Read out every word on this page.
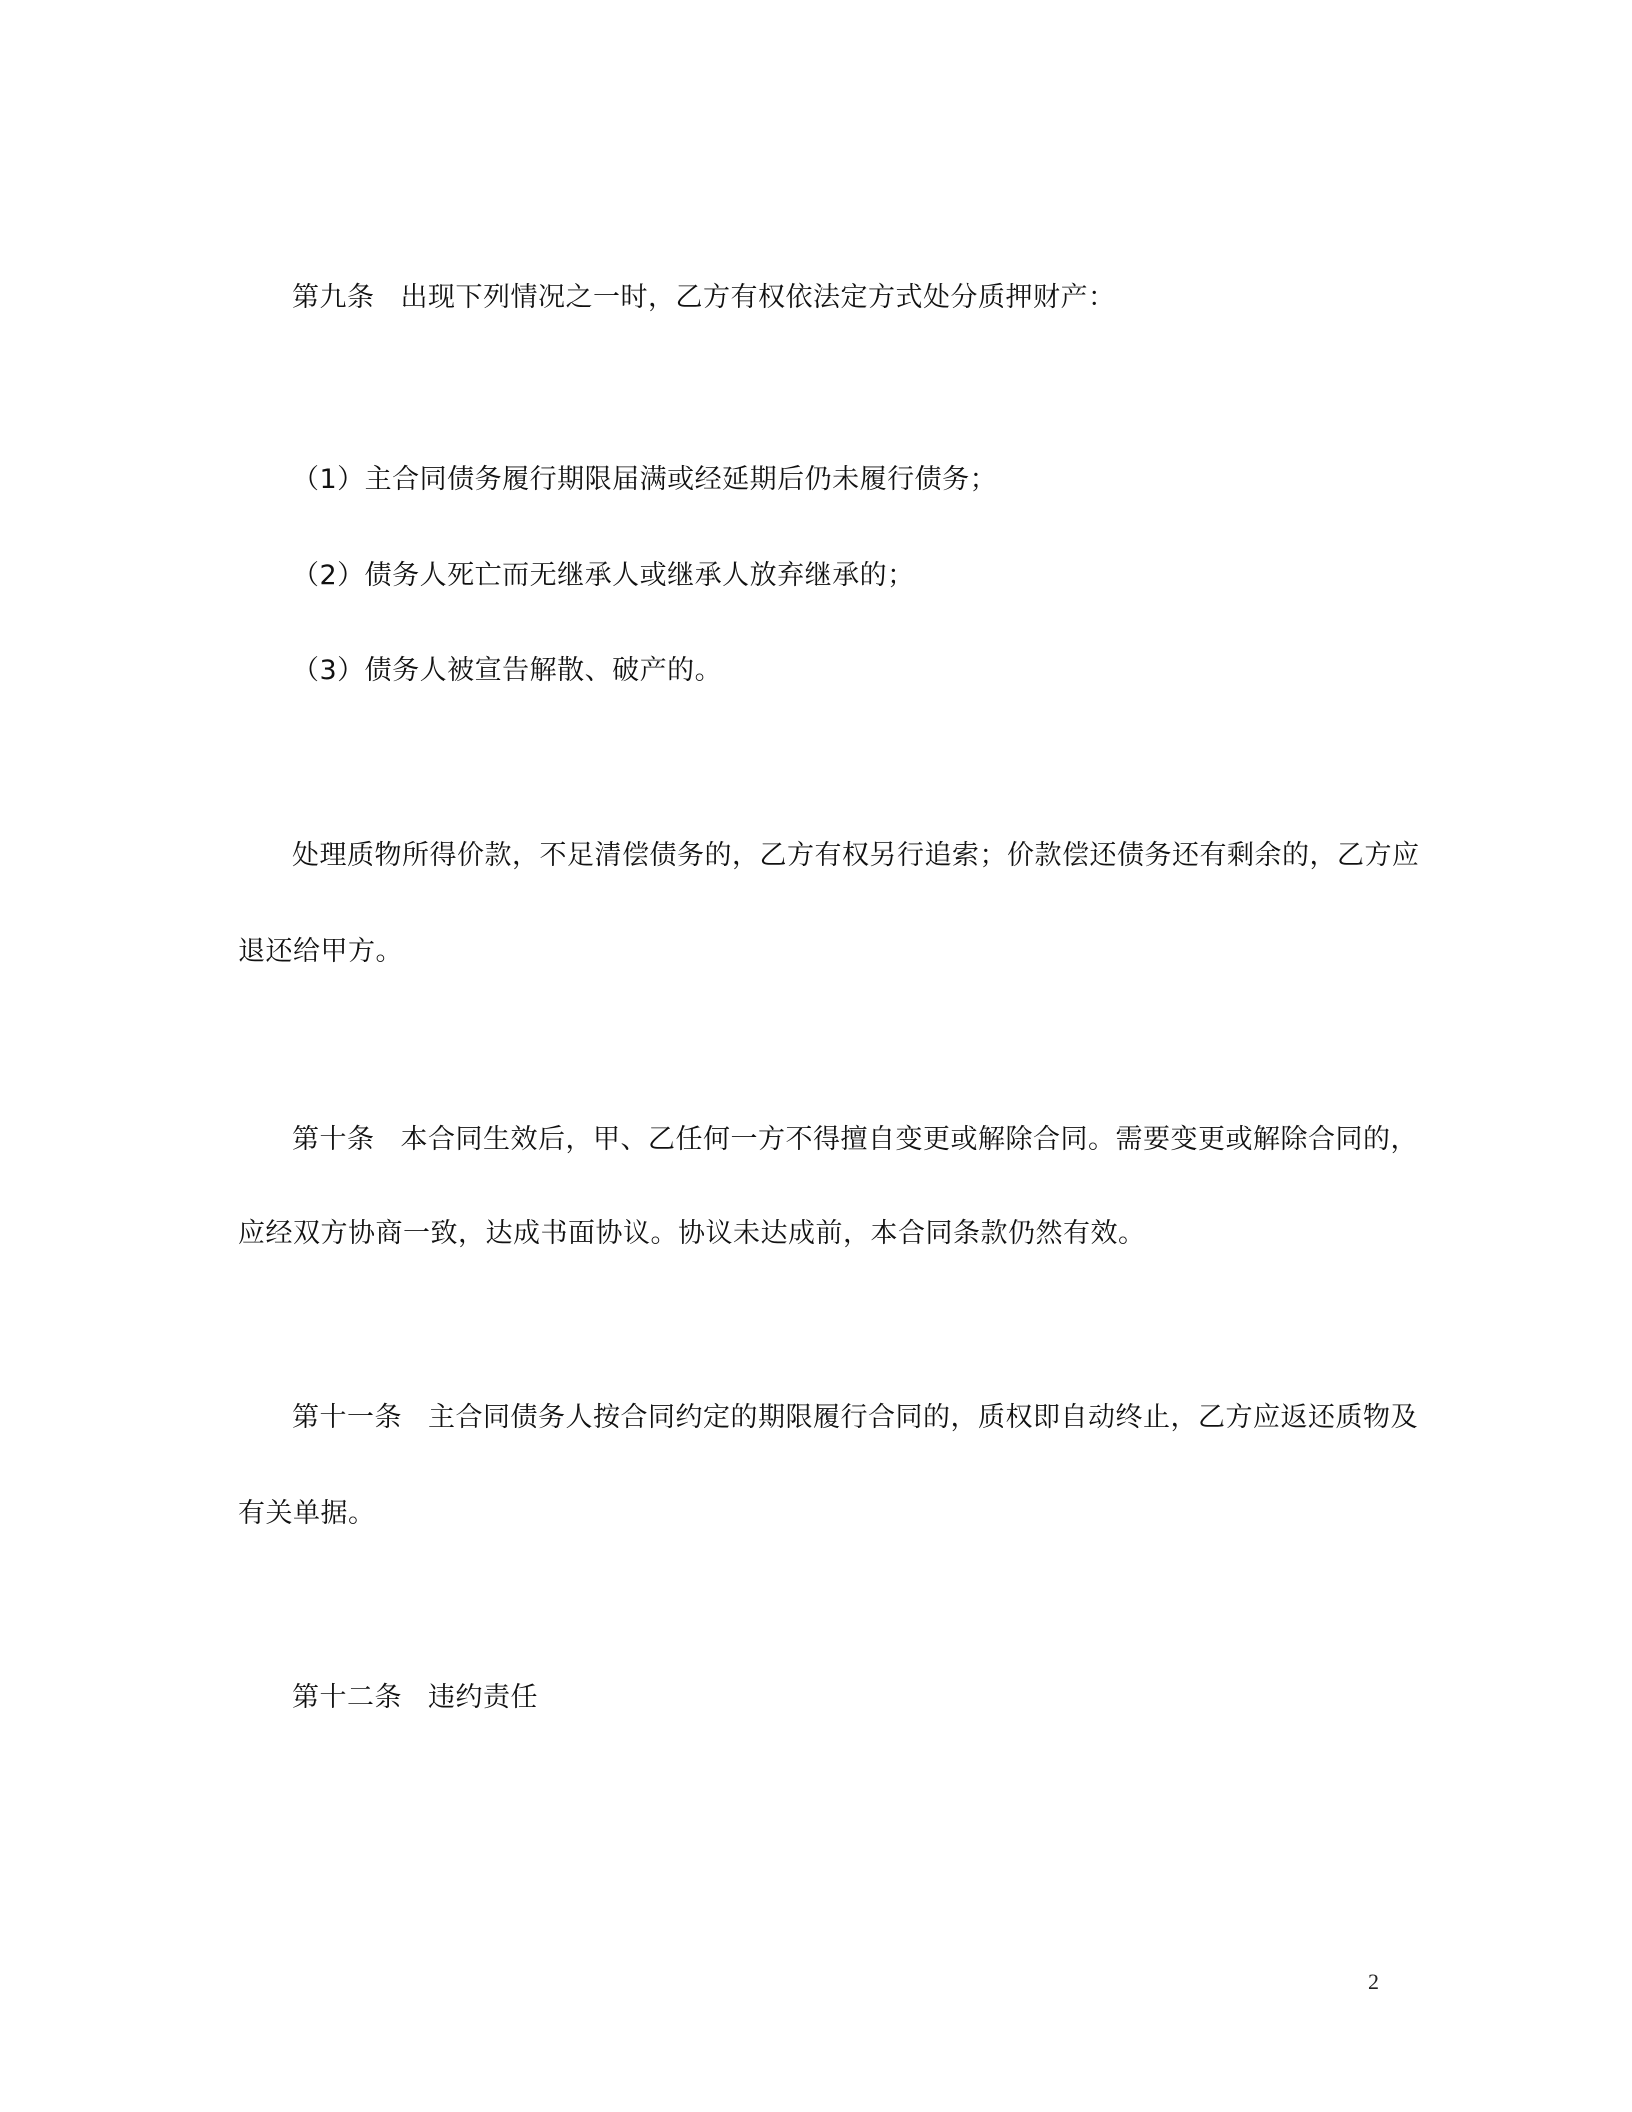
第九条 出现下列情况之一时，乙方有权依法定方式处分质押财产：
（1）主合同债务履行期限届满或经延期后仍未履行债务；
（2）债务人死亡而无继承人或继承人放弃继承的；
（3）债务人被宣告解散、破产的。
处理质物所得价款，不足清偿债务的，乙方有权另行追索；价款偿还债务还有剩余的，乙方应
退还给甲方。
第十条 本合同生效后，甲、乙任何一方不得擅自变更或解除合同。需要变更或解除合同的，
应经双方协商一致，达成书面协议。协议未达成前，本合同条款仍然有效。
第十一条 主合同债务人按合同约定的期限履行合同的，质权即自动终止，乙方应返还质物及
有关单据。
第十二条 违约责任
2
